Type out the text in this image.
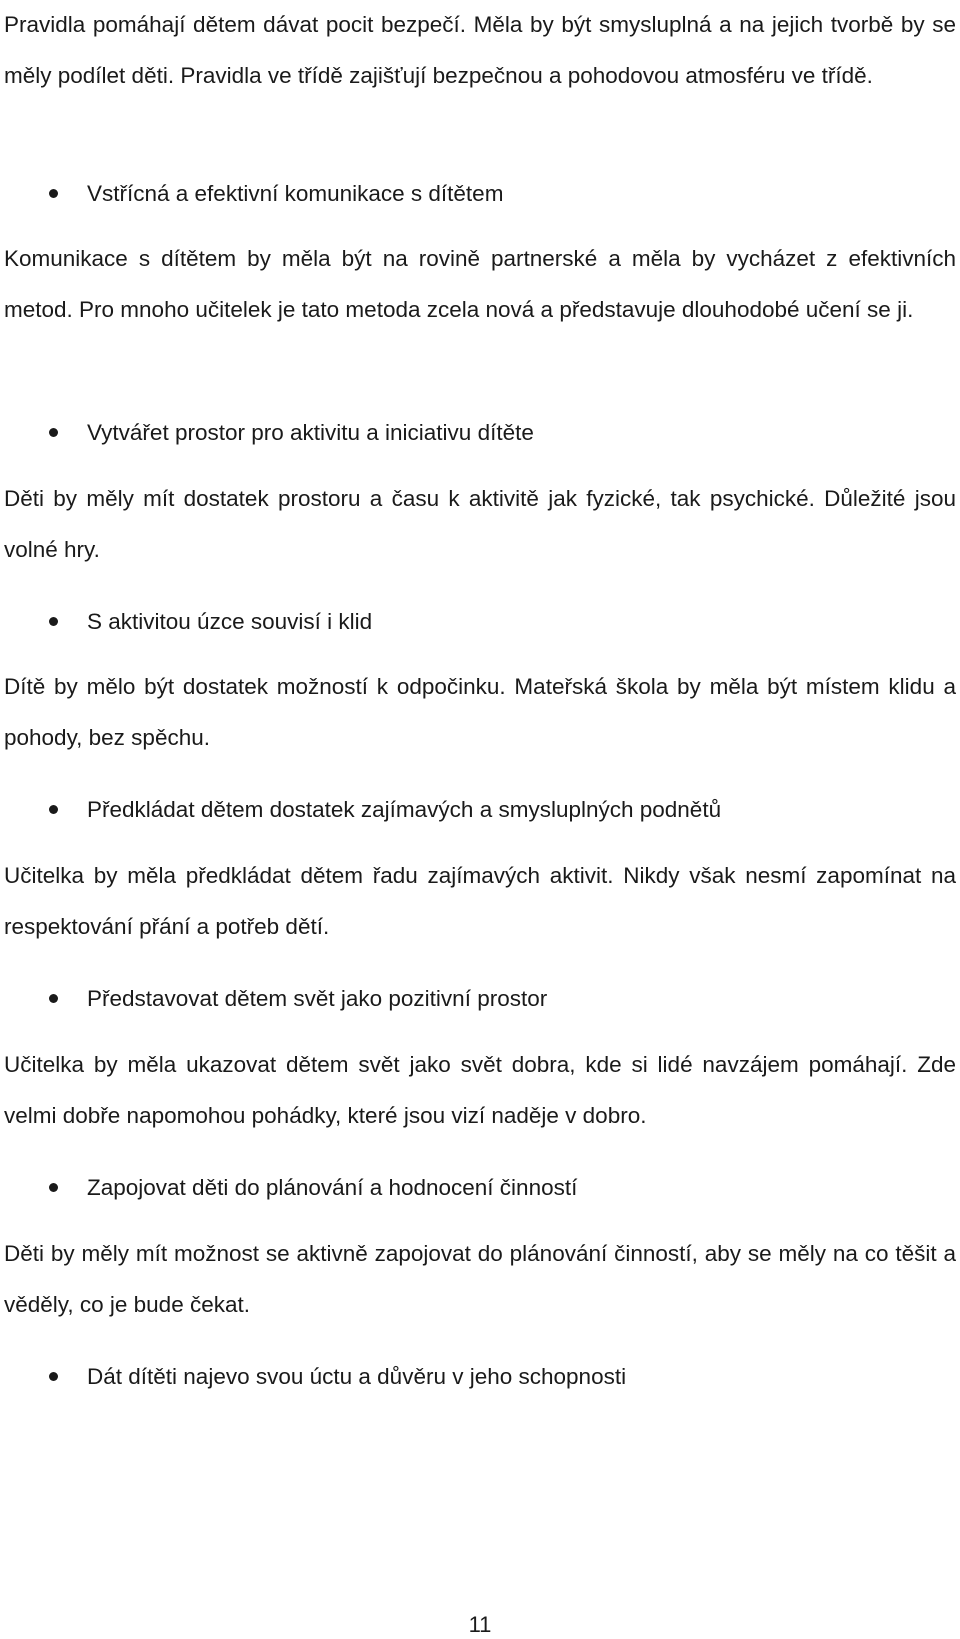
Pravidla pomáhají dětem dávat pocit bezpečí. Měla by být smysluplná a na jejich tvorbě by se měly podílet děti. Pravidla ve třídě zajišťují bezpečnou a pohodovou atmosféru ve třídě.

Vstřícná a efektivní komunikace s dítětem

Komunikace s dítětem by měla být na rovině partnerské a měla by vycházet z efektivních metod. Pro mnoho učitelek je tato metoda zcela nová a představuje dlouhodobé učení se ji.

Vytvářet prostor pro aktivitu a iniciativu dítěte

Děti by měly mít dostatek prostoru a času k aktivitě jak fyzické, tak psychické. Důležité jsou volné hry.

S aktivitou úzce souvisí i klid

Dítě by mělo být dostatek možností k odpočinku. Mateřská škola by měla být místem klidu a pohody, bez spěchu.

Předkládat dětem dostatek zajímavých a smysluplných podnětů

Učitelka by měla předkládat dětem řadu zajímavých aktivit. Nikdy však nesmí zapomínat na respektování přání a potřeb dětí.

Představovat dětem svět jako pozitivní prostor

Učitelka by měla ukazovat dětem svět jako svět dobra, kde si lidé navzájem pomáhají. Zde velmi dobře napomohou pohádky, které jsou vizí naděje v dobro.

Zapojovat děti do plánování a hodnocení činností

Děti by měly mít možnost se aktivně zapojovat do plánování činností, aby se měly na co těšit a věděly, co je bude čekat.

Dát dítěti najevo svou úctu a důvěru v jeho schopnosti
11
